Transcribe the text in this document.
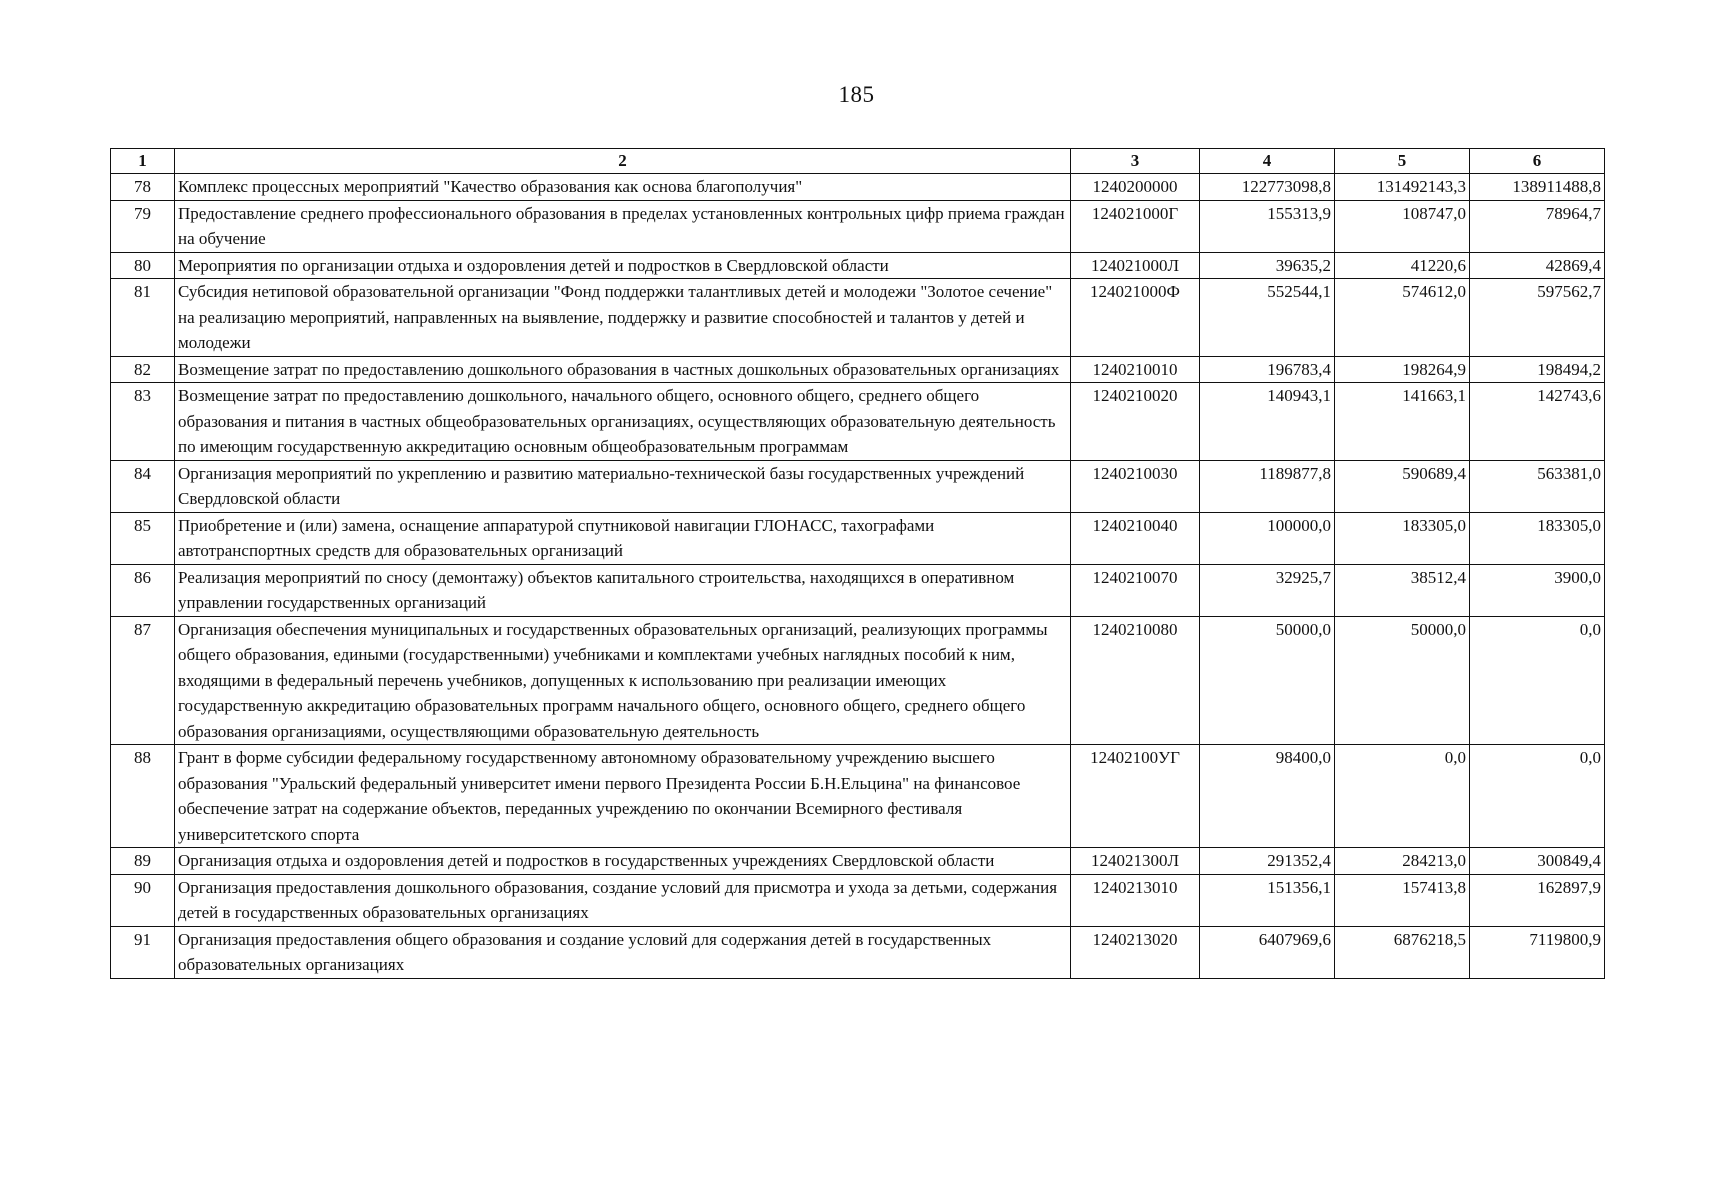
185
1	2	3	4	5	6
78	Комплекс процессных мероприятий "Качество образования как основа благополучия"	1240200000	122773098,8	131492143,3	138911488,8
79	Предоставление среднего профессионального образования в пределах установленных контрольных цифр приема граждан на обучение	124021000Г	155313,9	108747,0	78964,7
80	Мероприятия по организации отдыха и оздоровления детей и подростков в Свердловской области	124021000Л	39635,2	41220,6	42869,4
81	Субсидия нетиповой образовательной организации "Фонд поддержки талантливых детей и молодежи "Золотое сечение" на реализацию мероприятий, направленных на выявление, поддержку и развитие способностей и талантов у детей и молодежи	124021000Ф	552544,1	574612,0	597562,7
82	Возмещение затрат по предоставлению дошкольного образования в частных дошкольных образовательных организациях	1240210010	196783,4	198264,9	198494,2
83	Возмещение затрат по предоставлению дошкольного, начального общего, основного общего, среднего общего образования и питания в частных общеобразовательных организациях, осуществляющих образовательную деятельность по имеющим государственную аккредитацию основным общеобразовательным программам	1240210020	140943,1	141663,1	142743,6
84	Организация мероприятий по укреплению и развитию материально-технической базы государственных учреждений Свердловской области	1240210030	1189877,8	590689,4	563381,0
85	Приобретение и (или) замена, оснащение аппаратурой спутниковой навигации ГЛОНАСС, тахографами автотранспортных средств для образовательных организаций	1240210040	100000,0	183305,0	183305,0
86	Реализация мероприятий по сносу (демонтажу) объектов капитального строительства, находящихся в оперативном управлении государственных организаций	1240210070	32925,7	38512,4	3900,0
87	Организация обеспечения муниципальных и государственных образовательных организаций, реализующих программы общего образования, едиными (государственными) учебниками и комплектами учебных наглядных пособий к ним, входящими в федеральный перечень учебников, допущенных к использованию при реализации имеющих государственную аккредитацию образовательных программ начального общего, основного общего, среднего общего образования организациями, осуществляющими образовательную деятельность	1240210080	50000,0	50000,0	0,0
88	Грант в форме субсидии федеральному государственному автономному образовательному учреждению высшего образования "Уральский федеральный университет имени первого Президента России Б.Н.Ельцина" на финансовое обеспечение затрат на содержание объектов, переданных учреждению по окончании Всемирного фестиваля университетского спорта	12402100УГ	98400,0	0,0	0,0
89	Организация отдыха и оздоровления детей и подростков в государственных учреждениях Свердловской области	124021300Л	291352,4	284213,0	300849,4
90	Организация предоставления дошкольного образования, создание условий для присмотра и ухода за детьми, содержания детей в государственных образовательных организациях	1240213010	151356,1	157413,8	162897,9
91	Организация предоставления общего образования и создание условий для содержания детей в государственных образовательных организациях	1240213020	6407969,6	6876218,5	7119800,9
